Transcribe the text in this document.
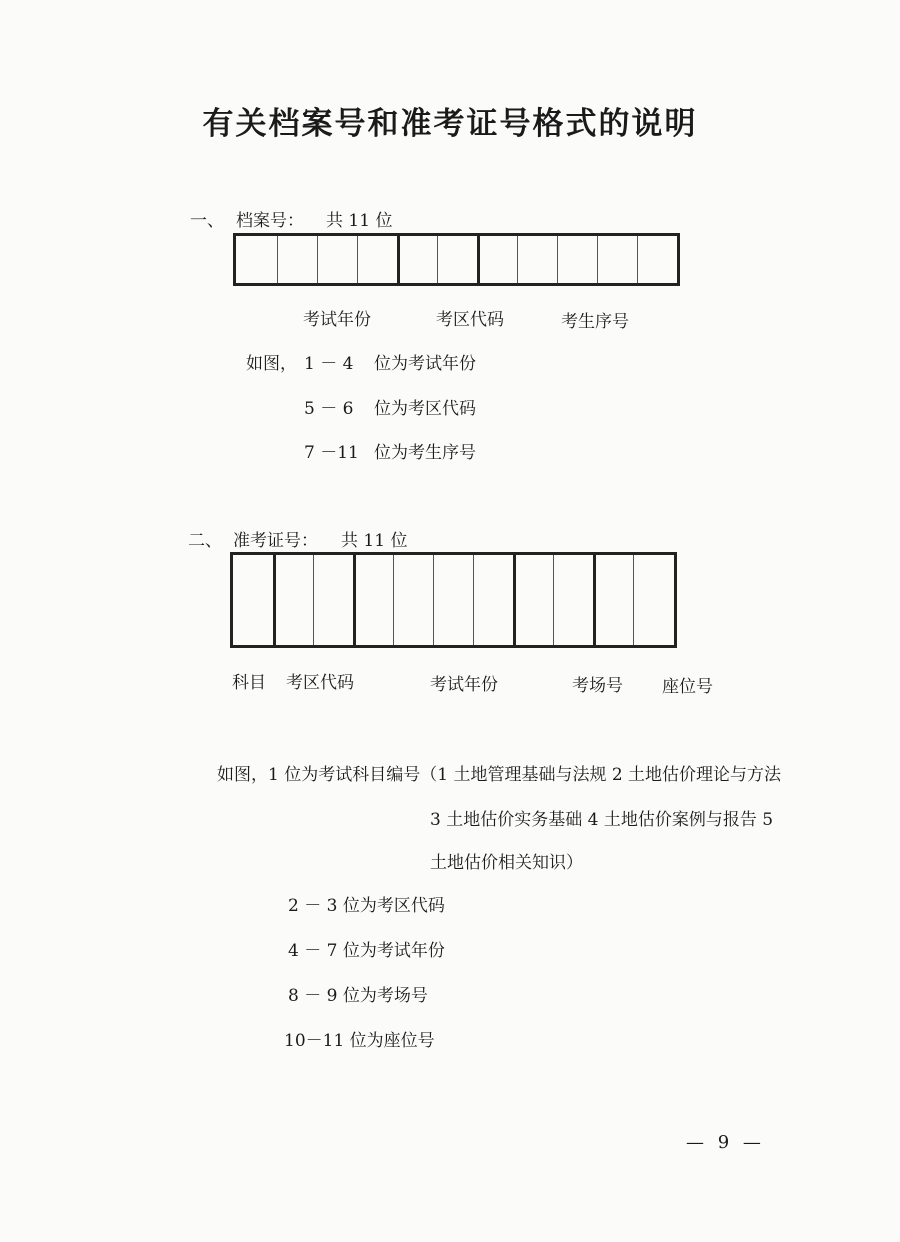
有关档案号和准考证号格式的说明
一、 档案号： 共 11 位
考试年份	考区代码	考生序号
如图， 1 － 4 位为考试年份
5 － 6 位为考区代码
7 －11 位为考生序号
二、 准考证号： 共 11 位
科目 考区代码	考试年份	考场号 座位号
如图，1 位为考试科目编号（1 土地管理基础与法规 2 土地估价理论与方法
3 土地估价实务基础 4 土地估价案例与报告 5
土地估价相关知识）
2 － 3 位为考区代码
4 － 7 位为考试年份
8 － 9 位为考场号
10－11 位为座位号
— 9 —
